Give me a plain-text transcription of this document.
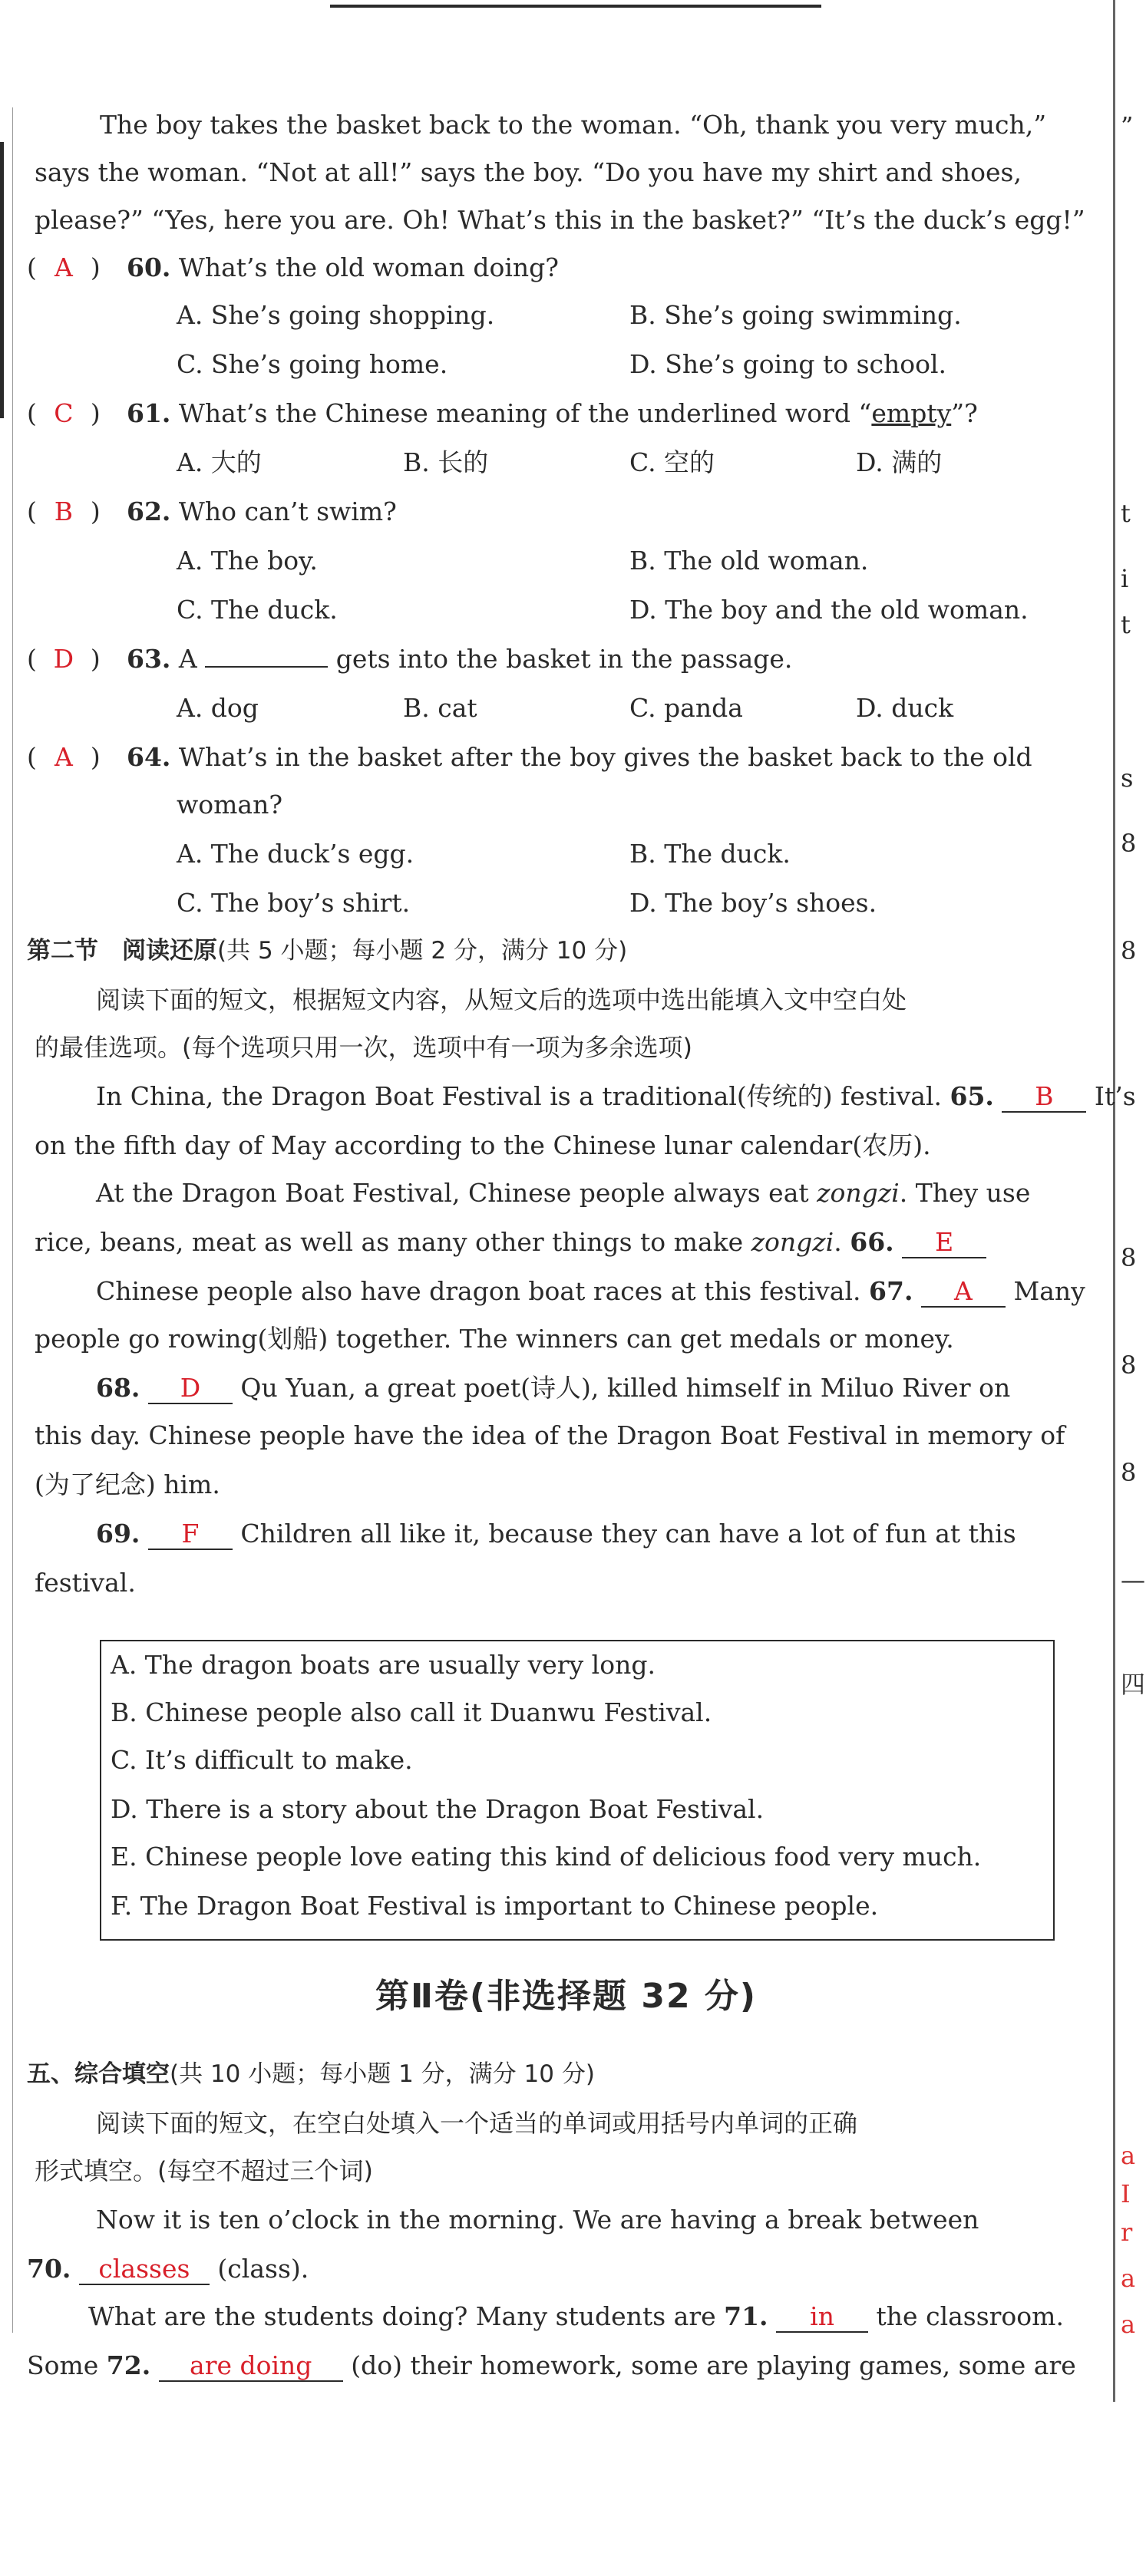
”
t
i
t
s
8
8
8
8
8
—
四
a
I
r
a
a
The boy takes the basket back to the woman. “Oh, thank you very much,”
says the woman. “Not at all!” says the boy. “Do you have my shirt and shoes,
please?” “Yes, here you are. Oh! What’s this in the basket?” “It’s the duck’s egg!”
( A ) 60. What’s the old woman doing?
A. She’s going shopping.	B. She’s going swimming.
C. She’s going home.	D. She’s going to school.
( C ) 61. What’s the Chinese meaning of the underlined word “empty”?
A. 大的	B. 长的	C. 空的	D. 满的
( B ) 62. Who can’t swim?
A. The boy.	B. The old woman.
C. The duck.	D. The boy and the old woman.
( D ) 63. A	gets into the basket in the passage.
A. dog	B. cat	C. panda	D. duck
( A ) 64. What’s in the basket after the boy gives the basket back to the old
woman?
A. The duck’s egg.	B. The duck.
C. The boy’s shirt.	D. The boy’s shoes.
第二节　阅读还原(共 5 小题；每小题 2 分，满分 10 分)
阅读下面的短文，根据短文内容，从短文后的选项中选出能填入文中空白处
的最佳选项。(每个选项只用一次，选项中有一项为多余选项)
In China, the Dragon Boat Festival is a traditional(传统的) festival. 65. B It’s
on the fifth day of May according to the Chinese lunar calendar(农历).
At the Dragon Boat Festival, Chinese people always eat zongzi. They use
rice, beans, meat as well as many other things to make zongzi. 66. E
Chinese people also have dragon boat races at this festival. 67. A Many
people go rowing(划船) together. The winners can get medals or money.
68. D Qu Yuan, a great poet(诗人), killed himself in Miluo River on
this day. Chinese people have the idea of the Dragon Boat Festival in memory of
(为了纪念) him.
69. F Children all like it, because they can have a lot of fun at this
festival.
A. The dragon boats are usually very long.
B. Chinese people also call it Duanwu Festival.
C. It’s difficult to make.
D. There is a story about the Dragon Boat Festival.
E. Chinese people love eating this kind of delicious food very much.
F. The Dragon Boat Festival is important to Chinese people.
第Ⅱ卷(非选择题 32 分)
五、综合填空(共 10 小题；每小题 1 分，满分 10 分)
阅读下面的短文，在空白处填入一个适当的单词或用括号内单词的正确
形式填空。(每空不超过三个词)
Now it is ten o’clock in the morning. We are having a break between
70. classes (class).
What are the students doing? Many students are 71. in the classroom.
Some 72. are doing (do) their homework, some are playing games, some are
